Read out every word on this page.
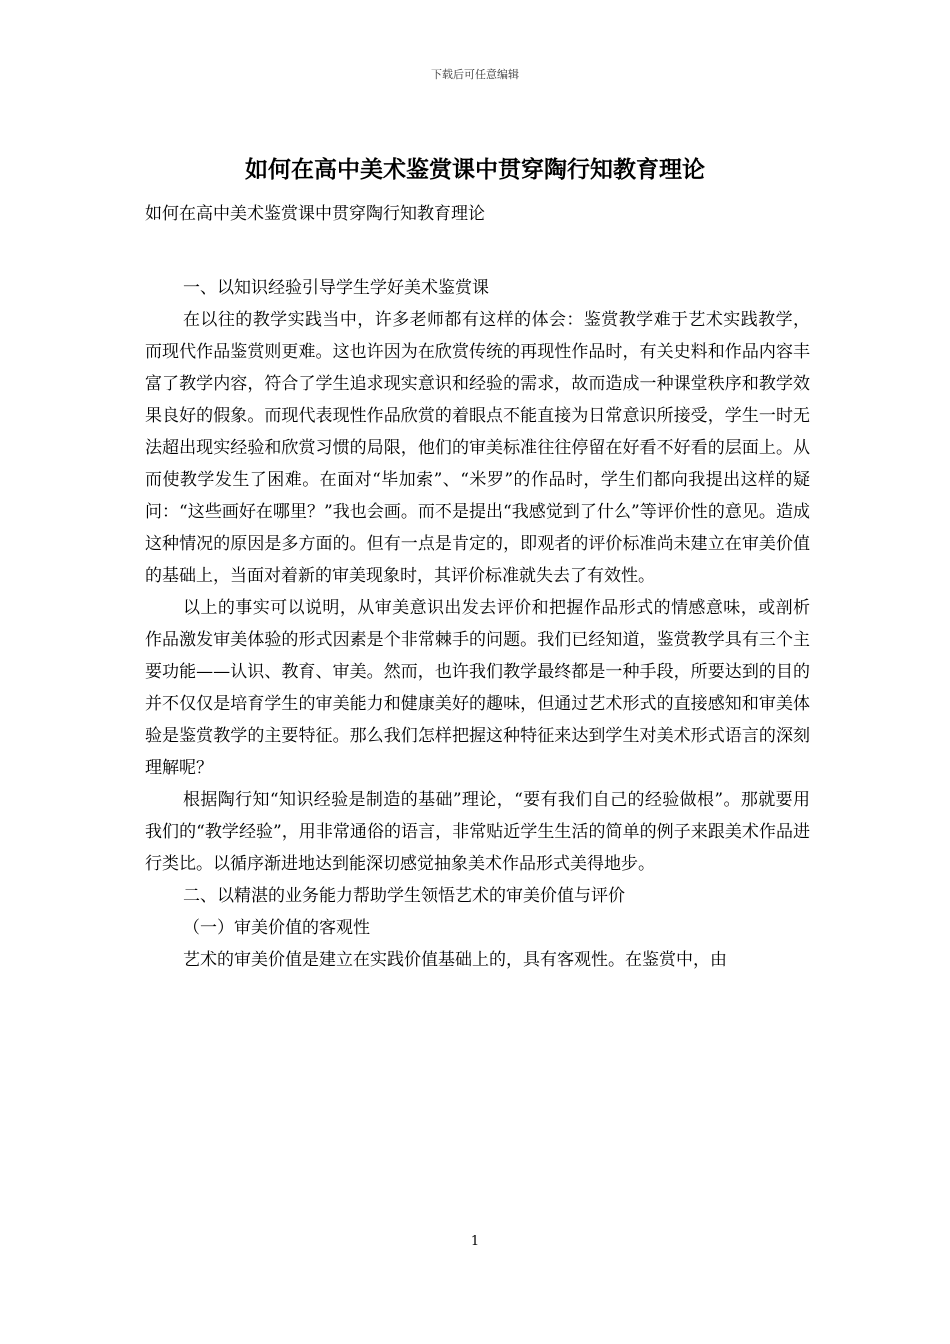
下载后可任意编辑
如何在高中美术鉴赏课中贯穿陶行知教育理论

如何在高中美术鉴赏课中贯穿陶行知教育理论

一、以知识经验引导学生学好美术鉴赏课

在以往的教学实践当中，许多老师都有这样的体会：鉴赏教学难于艺术实践教学，而现代作品鉴赏则更难。这也许因为在欣赏传统的再现性作品时，有关史料和作品内容丰富了教学内容，符合了学生追求现实意识和经验的需求，故而造成一种课堂秩序和教学效果良好的假象。而现代表现性作品欣赏的着眼点不能直接为日常意识所接受，学生一时无法超出现实经验和欣赏习惯的局限，他们的审美标准往往停留在好看不好看的层面上。从而使教学发生了困难。在面对“毕加索”、“米罗”的作品时，学生们都向我提出这样的疑问：“这些画好在哪里？”我也会画。而不是提出“我感觉到了什么”等评价性的意见。造成这种情况的原因是多方面的。但有一点是肯定的，即观者的评价标准尚未建立在审美价值的基础上，当面对着新的审美现象时，其评价标准就失去了有效性。

以上的事实可以说明，从审美意识出发去评价和把握作品形式的情感意味，或剖析作品激发审美体验的形式因素是个非常棘手的问题。我们已经知道，鉴赏教学具有三个主要功能——认识、教育、审美。然而，也许我们教学最终都是一种手段，所要达到的目的并不仅仅是培育学生的审美能力和健康美好的趣味，但通过艺术形式的直接感知和审美体验是鉴赏教学的主要特征。那么我们怎样把握这种特征来达到学生对美术形式语言的深刻理解呢？

根据陶行知“知识经验是制造的基础”理论，“要有我们自己的经验做根”。那就要用我们的“教学经验”，用非常通俗的语言，非常贴近学生生活的简单的例子来跟美术作品进行类比。以循序渐进地达到能深切感觉抽象美术作品形式美得地步。

二、以精湛的业务能力帮助学生领悟艺术的审美价值与评价

（一）审美价值的客观性

艺术的审美价值是建立在实践价值基础上的，具有客观性。在鉴赏中，由

1
